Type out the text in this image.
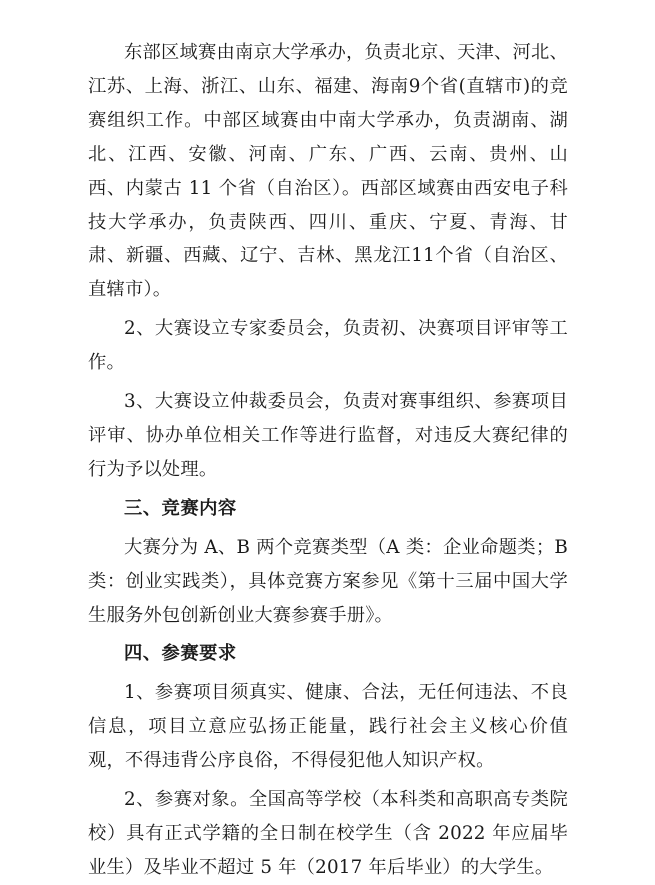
东部区域赛由南京大学承办，负责北京、天津、河北、江苏、上海、浙江、山东、福建、海南9个省(直辖市)的竞赛组织工作。中部区域赛由中南大学承办，负责湖南、湖北、江西、安徽、河南、广东、广西、云南、贵州、山西、内蒙古 11 个省（自治区）。西部区域赛由西安电子科技大学承办，负责陕西、四川、重庆、宁夏、青海、甘肃、新疆、西藏、辽宁、吉林、黑龙江11个省（自治区、直辖市）。

2、大赛设立专家委员会，负责初、决赛项目评审等工作。

3、大赛设立仲裁委员会，负责对赛事组织、参赛项目评审、协办单位相关工作等进行监督，对违反大赛纪律的行为予以处理。

三、竞赛内容

大赛分为 A、B 两个竞赛类型（A 类：企业命题类；B 类：创业实践类），具体竞赛方案参见《第十三届中国大学生服务外包创新创业大赛参赛手册》。

四、参赛要求

1、参赛项目须真实、健康、合法，无任何违法、不良信息，项目立意应弘扬正能量，践行社会主义核心价值观，不得违背公序良俗，不得侵犯他人知识产权。

2、参赛对象。全国高等学校（本科类和高职高专类院校）具有正式学籍的全日制在校学生（含 2022 年应届毕业生）及毕业不超过 5 年（2017 年后毕业）的大学生。
